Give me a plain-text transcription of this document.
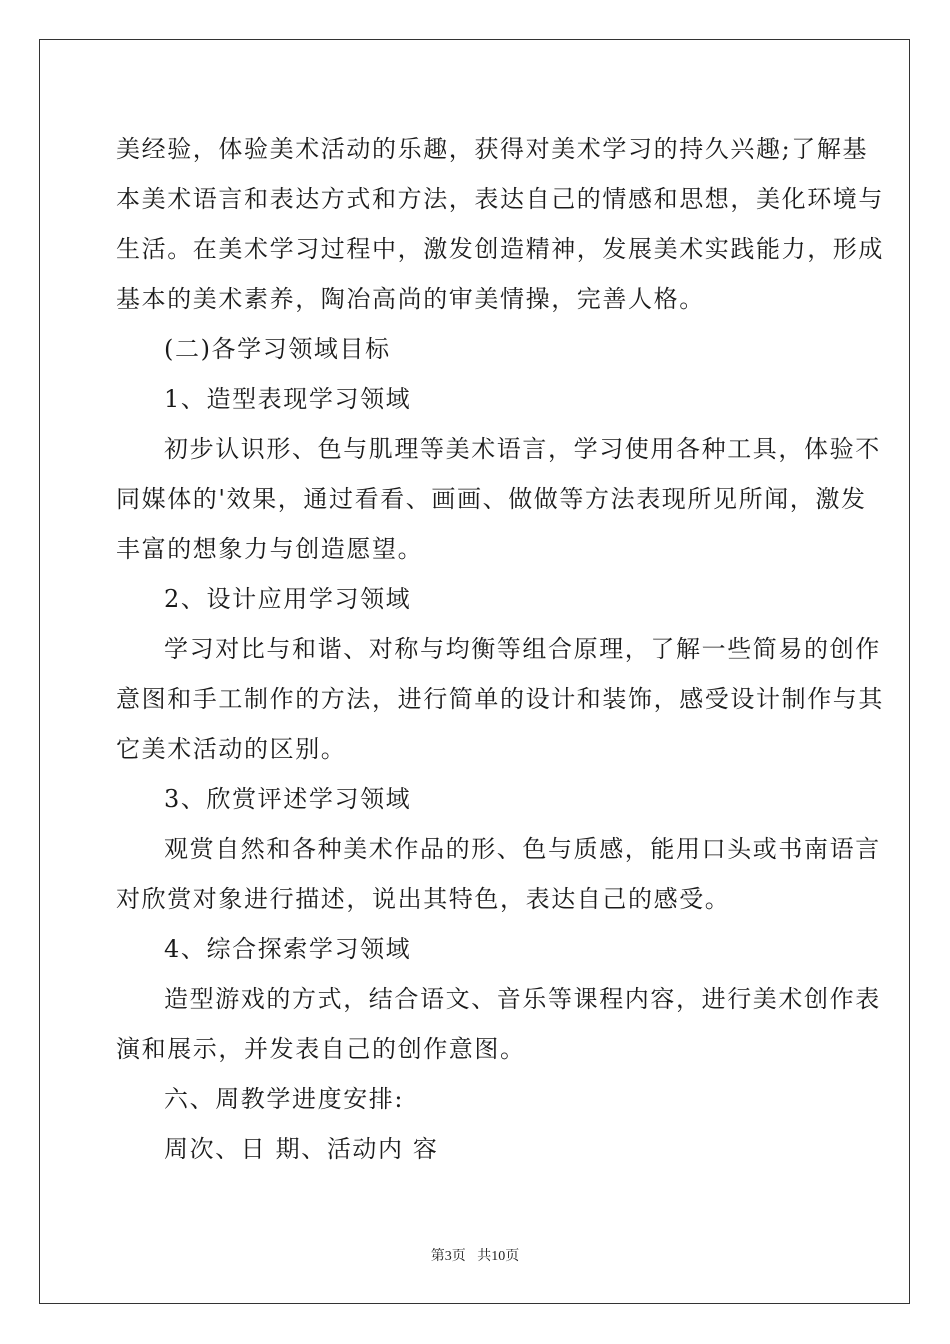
美经验，体验美术活动的乐趣，获得对美术学习的持久兴趣;了解基
本美术语言和表达方式和方法，表达自己的情感和思想，美化环境与
生活。在美术学习过程中，激发创造精神，发展美术实践能力，形成
基本的美术素养，陶冶高尚的审美情操，完善人格。
(二)各学习领域目标
1、造型表现学习领域
初步认识形、色与肌理等美术语言，学习使用各种工具，体验不
同媒体的'效果，通过看看、画画、做做等方法表现所见所闻，激发
丰富的想象力与创造愿望。
2、设计应用学习领域
学习对比与和谐、对称与均衡等组合原理，了解一些简易的创作
意图和手工制作的方法，进行简单的设计和装饰，感受设计制作与其
它美术活动的区别。
3、欣赏评述学习领域
观赏自然和各种美术作品的形、色与质感，能用口头或书南语言
对欣赏对象进行描述，说出其特色，表达自己的感受。
4、综合探索学习领域
造型游戏的方式，结合语文、音乐等课程内容，进行美术创作表
演和展示，并发表自己的创作意图。
六、周教学进度安排:
周次、日 期、活动内 容
第3页 共10页
